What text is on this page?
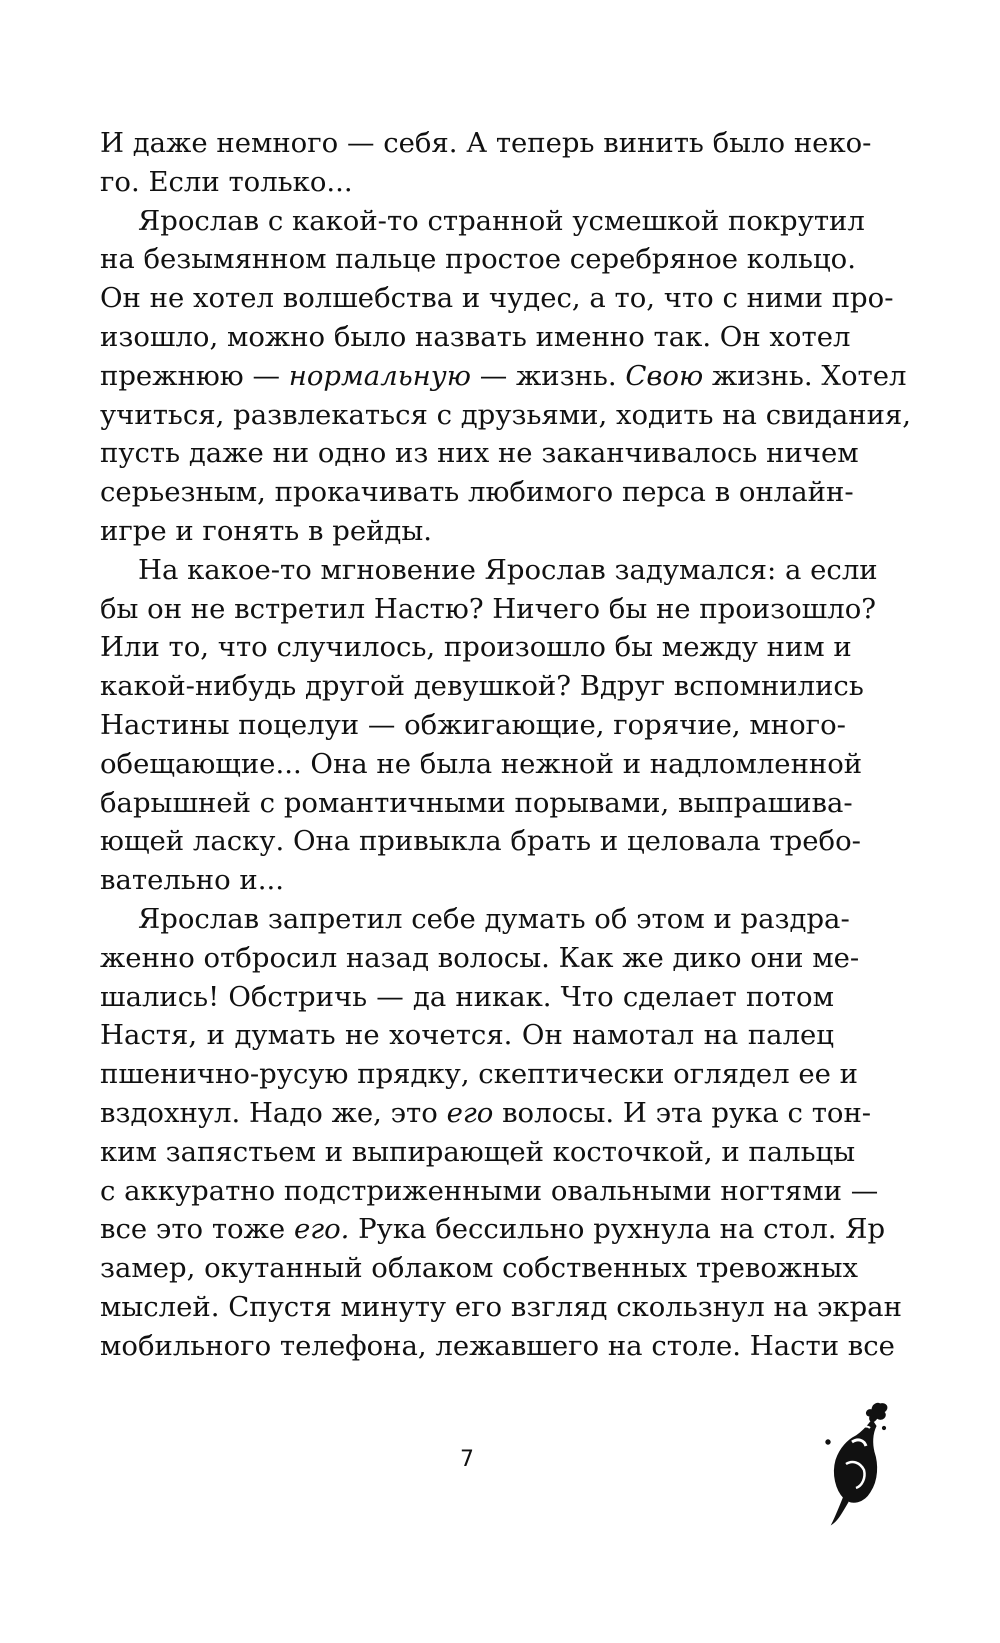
И даже немного — себя. А теперь винить было неко-
го. Если только...
Ярослав с какой-то странной усмешкой покрутил
на безымянном пальце простое серебряное кольцо.
Он не хотел волшебства и чудес, а то, что с ними про-
изошло, можно было назвать именно так. Он хотел
прежнюю — нормальную — жизнь. Свою жизнь. Хотел
учиться, развлекаться с друзьями, ходить на свидания,
пусть даже ни одно из них не заканчивалось ничем
серьезным, прокачивать любимого перса в онлайн-
игре и гонять в рейды.
На какое-то мгновение Ярослав задумался: а если
бы он не встретил Настю? Ничего бы не произошло?
Или то, что случилось, произошло бы между ним и
какой-нибудь другой девушкой? Вдруг вспомнились
Настины поцелуи — обжигающие, горячие, много-
обещающие... Она не была нежной и надломленной
барышней с романтичными порывами, выпрашива-
ющей ласку. Она привыкла брать и целовала требо-
вательно и...
Ярослав запретил себе думать об этом и раздра-
женно отбросил назад волосы. Как же дико они ме-
шались! Обстричь — да никак. Что сделает потом
Настя, и думать не хочется. Он намотал на палец
пшенично-русую прядку, скептически оглядел ее и
вздохнул. Надо же, это его волосы. И эта рука с тон-
ким запястьем и выпирающей косточкой, и пальцы
с аккуратно подстриженными овальными ногтями —
все это тоже его. Рука бессильно рухнула на стол. Яр
замер, окутанный облаком собственных тревожных
мыслей. Спустя минуту его взгляд скользнул на экран
мобильного телефона, лежавшего на столе. Насти все
7
